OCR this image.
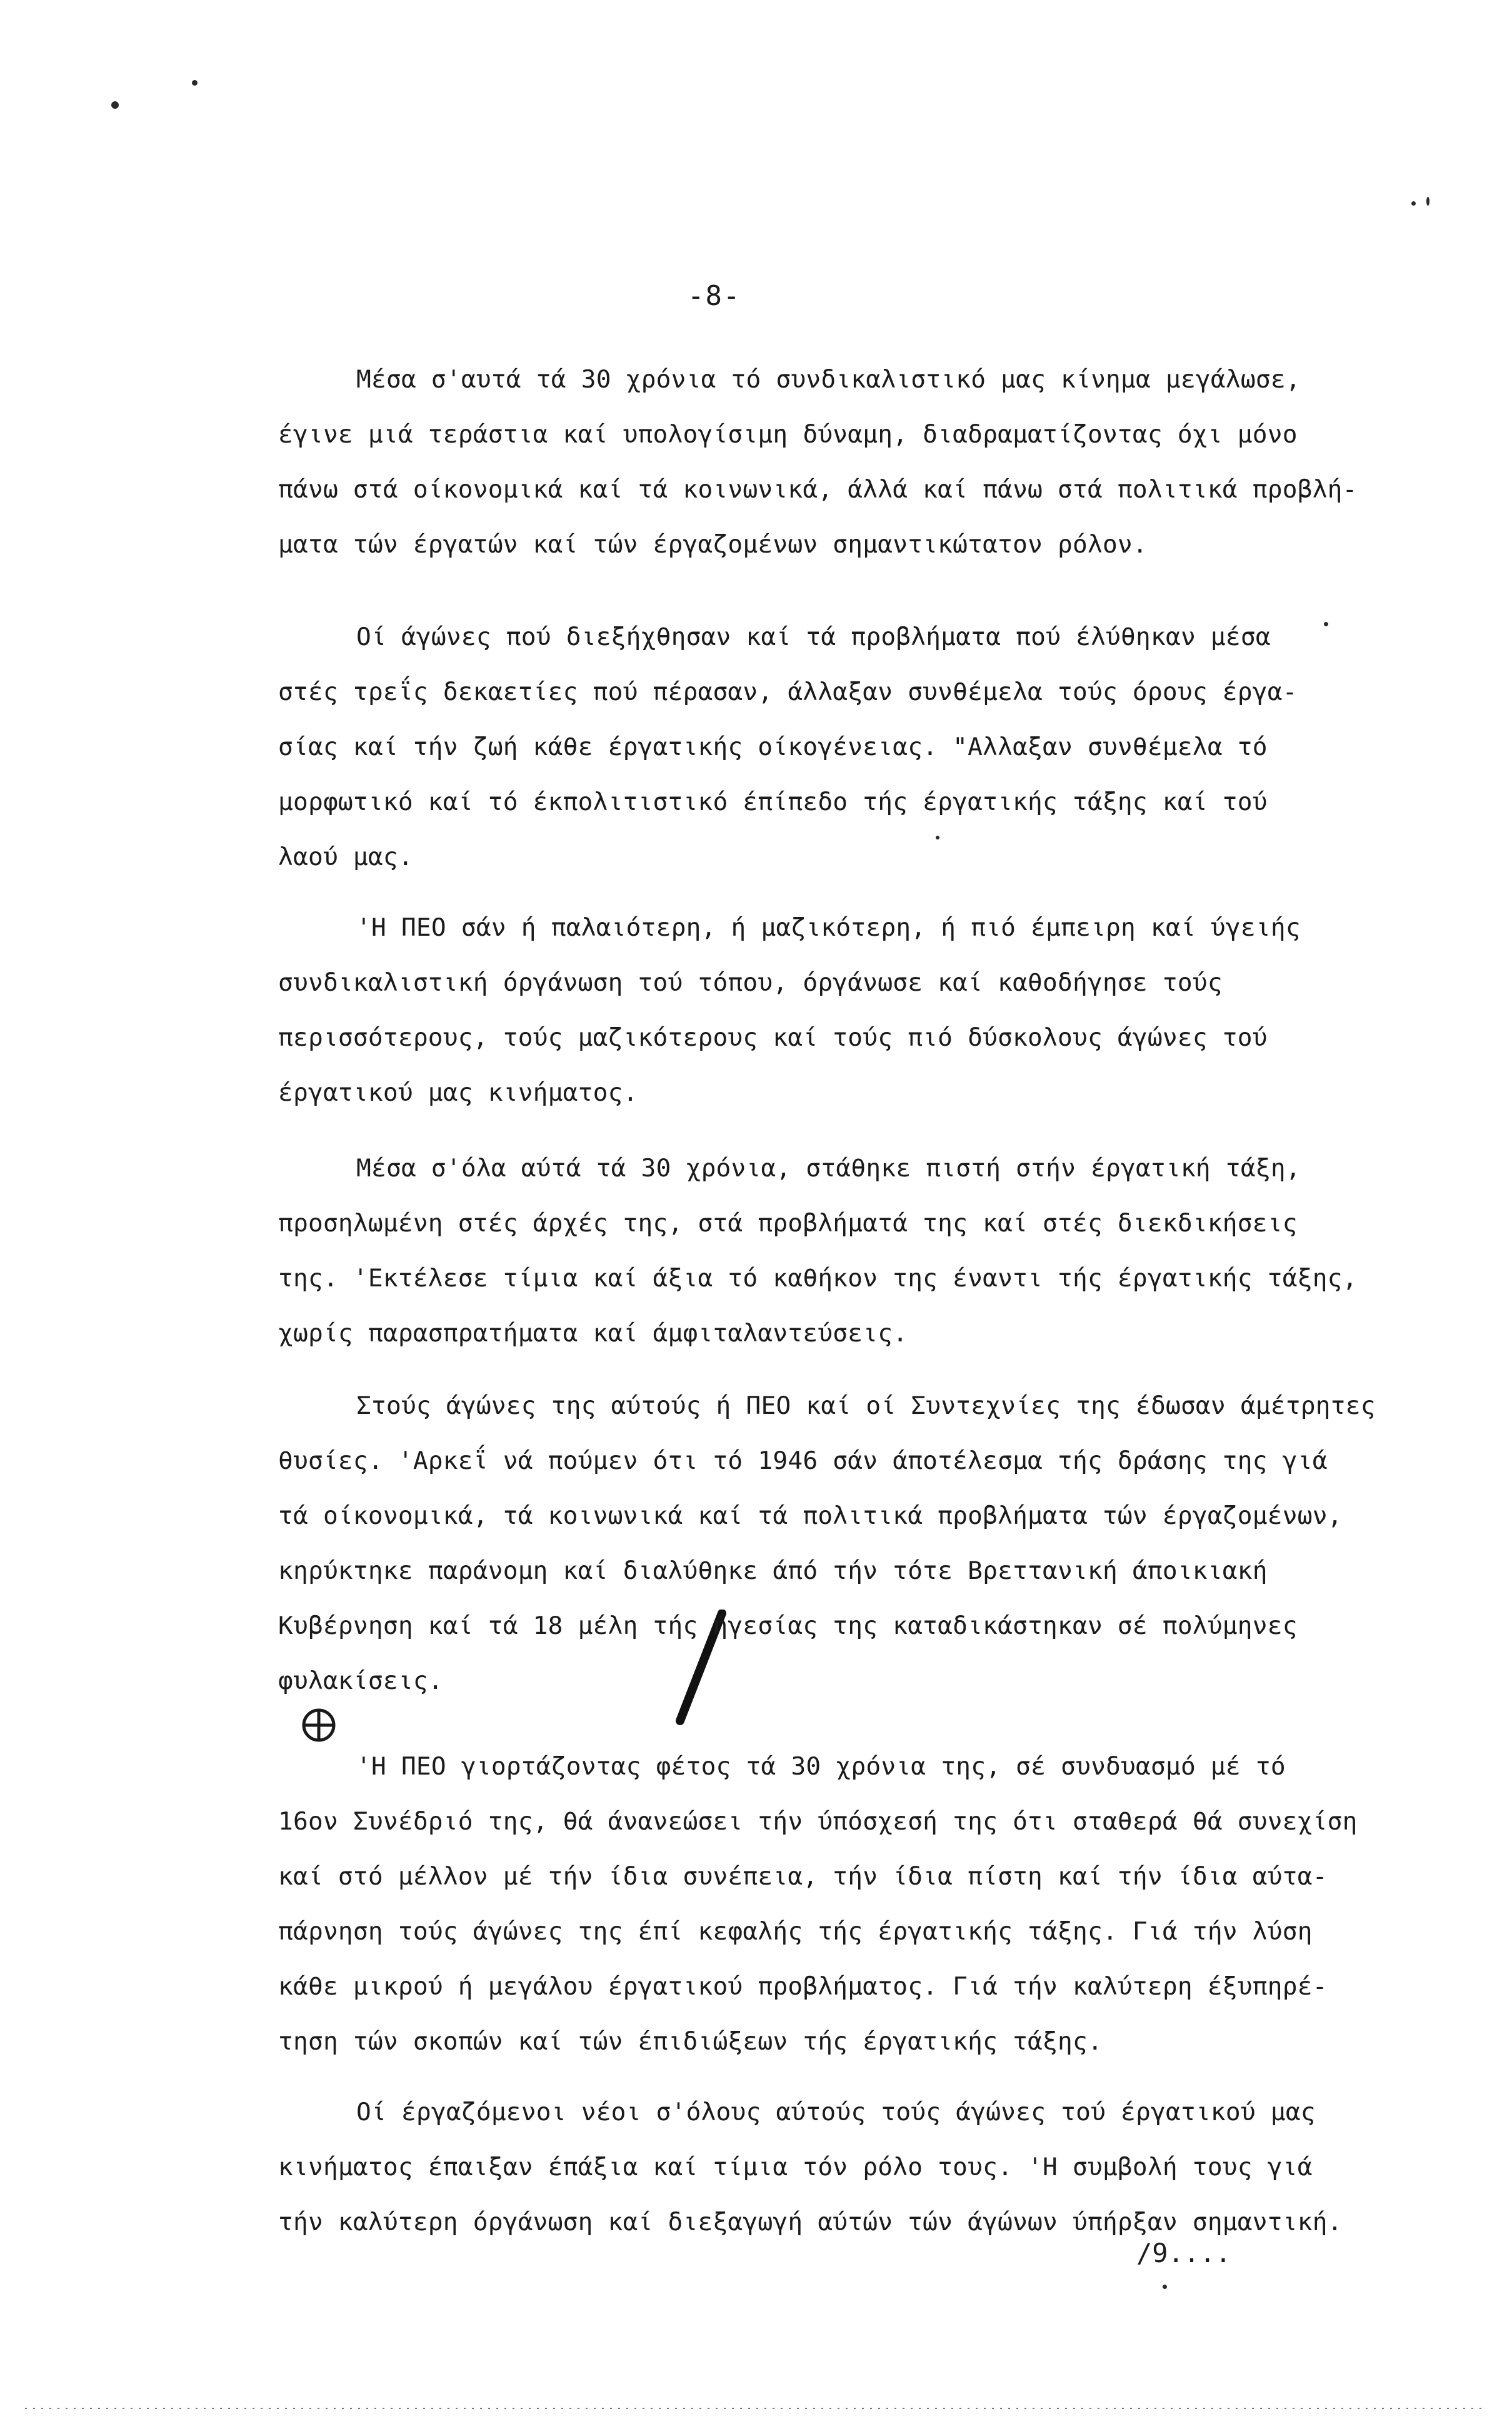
-8-
Μέσα σ'αυτά τά 30 χρόνια τό συνδικαλιστικό μας κίνημα μεγάλωσε,
έγινε μιά τεράστια καί υπολογίσιμη δύναμη, διαδραματίζοντας όχι μόνο
πάνω στά οίκονομικά καί τά κοινωνικά, άλλά καί πάνω στά πολιτικά προβλή-
ματα τών έργατών καί τών έργαζομένων σημαντικώτατον ρόλον.
Οί άγώνες πού διεξήχθησαν καί τά προβλήματα πού έλύθηκαν μέσα
στές τρεΐς δεκαετίες πού πέρασαν, άλλαξαν συνθέμελα τούς όρους έργα-
σίας καί τήν ζωή κάθε έργατικής οίκογένειας. "Αλλαξαν συνθέμελα τό
μορφωτικό καί τό έκπολιτιστικό έπίπεδο τής έργατικής τάξης καί τού
λαού μας.
'Η ΠΕΟ σάν ή παλαιότερη, ή μαζικότερη, ή πιό έμπειρη καί ύγειής
συνδικαλιστική όργάνωση τού τόπου, όργάνωσε καί καθοδήγησε τούς
περισσότερους, τούς μαζικότερους καί τούς πιό δύσκολους άγώνες τού
έργατικού μας κινήματος.
Μέσα σ'όλα αύτά τά 30 χρόνια, στάθηκε πιστή στήν έργατική τάξη,
προσηλωμένη στές άρχές της, στά προβλήματά της καί στές διεκδικήσεις
της. 'Εκτέλεσε τίμια καί άξια τό καθήκον της έναντι τής έργατικής τάξης,
χωρίς παρασπρατήματα καί άμφιταλαντεύσεις.
Στούς άγώνες της αύτούς ή ΠΕΟ καί οί Συντεχνίες της έδωσαν άμέτρητες
θυσίες. 'Αρκεΐ νά πούμεν ότι τό 1946 σάν άποτέλεσμα τής δράσης της γιά
τά οίκονομικά, τά κοινωνικά καί τά πολιτικά προβλήματα τών έργαζομένων,
κηρύκτηκε παράνομη καί διαλύθηκε άπό τήν τότε Βρεττανική άποικιακή
Κυβέρνηση καί τά 18 μέλη τής ήγεσίας της καταδικάστηκαν σέ πολύμηνες
φυλακίσεις.
'Η ΠΕΟ γιορτάζοντας φέτος τά 30 χρόνια της, σέ συνδυασμό μέ τό
16ον Συνέδριό της, θά άνανεώσει τήν ύπόσχεσή της ότι σταθερά θά συνεχίση
καί στό μέλλον μέ τήν ίδια συνέπεια, τήν ίδια πίστη καί τήν ίδια αύτα-
πάρνηση τούς άγώνες της έπί κεφαλής τής έργατικής τάξης. Γιά τήν λύση
κάθε μικρού ή μεγάλου έργατικού προβλήματος. Γιά τήν καλύτερη έξυπηρέ-
τηση τών σκοπών καί τών έπιδιώξεων τής έργατικής τάξης.
Οί έργαζόμενοι νέοι σ'όλους αύτούς τούς άγώνες τού έργατικού μας
κινήματος έπαιξαν έπάξια καί τίμια τόν ρόλο τους. 'Η συμβολή τους γιά
τήν καλύτερη όργάνωση καί διεξαγωγή αύτών τών άγώνων ύπήρξαν σημαντική.
/9....
